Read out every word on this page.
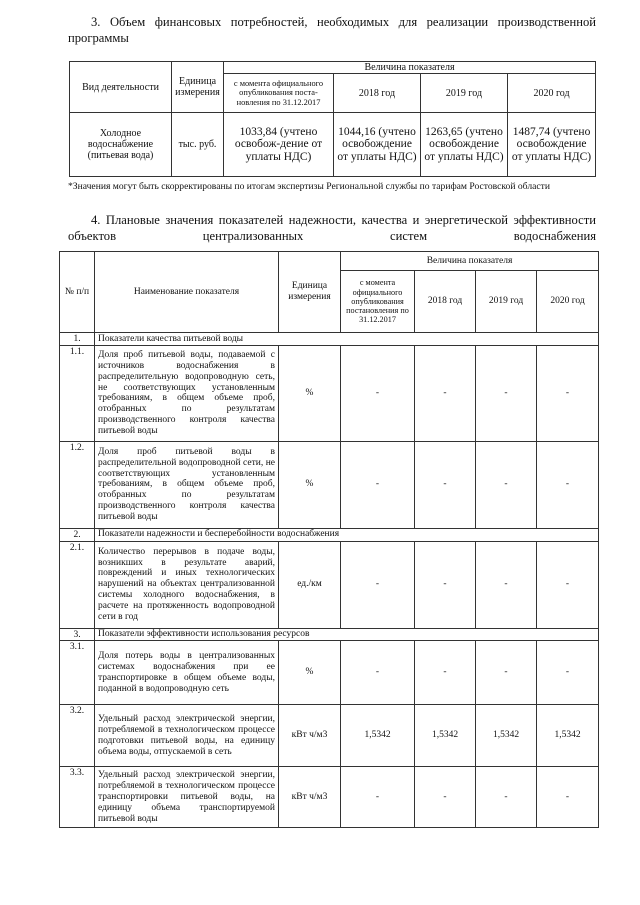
3. Объем финансовых потребностей, необходимых для реализации производственной программы

Вид деятельности	Единица измерения	Величина показателя			
		с момента официального опубликования поста-новления по 31.12.2017	2018 год	2019 год	2020 год
Холодное водоснабжение (питьевая вода)	тыс. руб.	1033,84 (учтено освобож-дение от уплаты НДС)	1044,16 (учтено освобождение от уплаты НДС)	1263,65 (учтено освобождение от уплаты НДС)	1487,74 (учтено освобождение от уплаты НДС)

*Значения могут быть скорректированы по итогам экспертизы Региональной службы по тарифам Ростовской области

4. Плановые значения показателей надежности, качества и энергетической эффективности объектов централизованных систем водоснабжения

№ п/п	Наименование показателя	Единица измерения	Величина показателя			
			с момента официального опубликования постановления по 31.12.2017	2018 год	2019 год	2020 год
1.	Показатели качества питьевой воды					
1.1.	Доля проб питьевой воды, подаваемой с источников водоснабжения в распределительную водопроводную сеть, не соответствующих установленным требованиям, в общем объеме проб, отобранных по результатам производственного контроля качества питьевой воды	%	-	-	-	-
1.2.	Доля проб питьевой воды в распределительной водопроводной сети, не соответствующих установленным требованиям, в общем объеме проб, отобранных по результатам производственного контроля качества питьевой воды	%	-	-	-	-
2.	Показатели надежности и бесперебойности водоснабжения					
2.1.	Количество перерывов в подаче воды, возникших в результате аварий, повреждений и иных технологических нарушений на объектах централизованной системы холодного водоснабжения, в расчете на протяженность водопроводной сети в год	ед./км	-	-	-	-
3.	Показатели эффективности использования ресурсов					
3.1.	Доля потерь воды в централизованных системах водоснабжения при ее транспортировке в общем объеме воды, поданной в водопроводную сеть	%	-	-	-	-
3.2.	Удельный расход электрической энергии, потребляемой в технологическом процессе подготовки питьевой воды, на единицу объема воды, отпускаемой в сеть	кВт ч/м3	1,5342	1,5342	1,5342	1,5342
3.3.	Удельный расход электрической энергии, потребляемой в технологическом процессе транспортировки питьевой воды, на единицу объема транспортируемой питьевой воды	кВт ч/м3	-	-	-	-
